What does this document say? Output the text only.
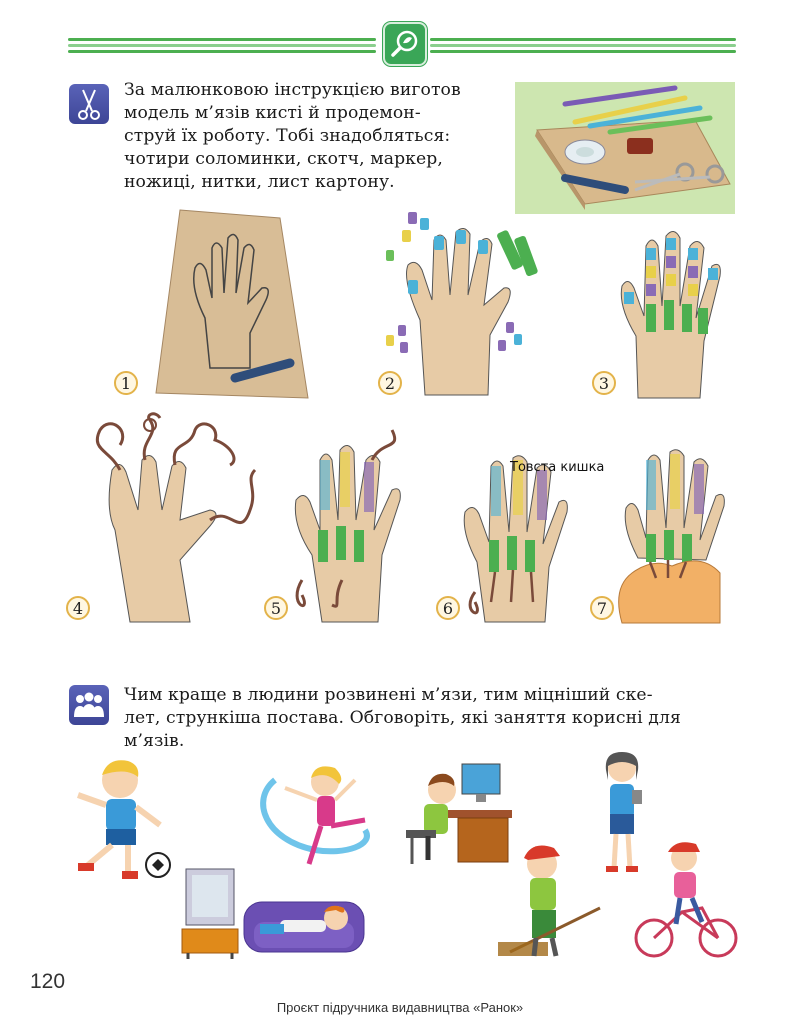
За малюнковою інструкцією виготов
модель м’язів кисті й продемон-
струй їх роботу. Тобі знадобляться:
чотири соломинки, скотч, маркер,
ножиці, нитки, лист картону.
1	2	3
4	5
Товста кишка
6	7
Чим краще в людини розвинені м’язи, тим міцніший ске-
лет, стрункіша постава. Обговоріть, які заняття корисні для
м’язів.
120
Проєкт підручника видавництва «Ранок»
